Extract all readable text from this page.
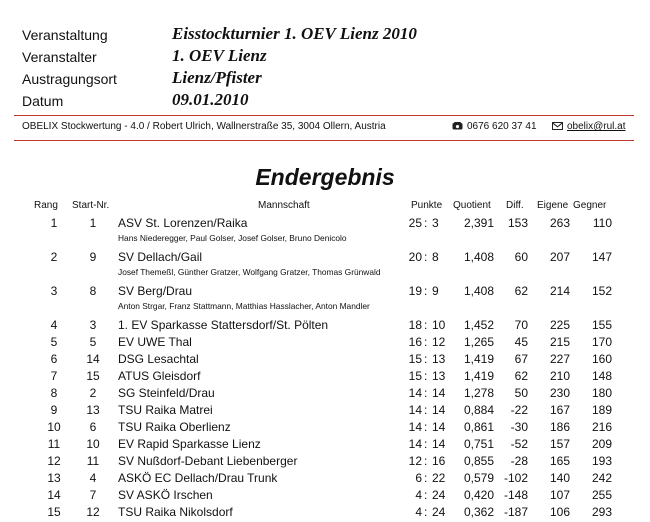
Veranstaltung	Eisstockturnier 1. OEV Lienz 2010
Veranstalter	1. OEV Lienz
Austragungsort	Lienz/Pfister
Datum	09.01.2010
OBELIX Stockwertung - 4.0 / Robert Ulrich, Wallnerstraße 35, 3004 Ollern, Austria	0676 620 37 41	obelix@rul.at
Endergebnis
Rang Start-Nr.	Mannschaft	Punkte Quotient Diff. Eigene Gegner
1	1	ASV St. Lorenzen/Raika	25 : 3	2,391	153	263	110
Hans Niederegger, Paul Golser, Josef Golser, Bruno Denicolo
2	9	SV Dellach/Gail	20 : 8	1,408	60	207	147
Josef Themeßl, Günther Gratzer, Wolfgang Gratzer, Thomas Grünwald
3	8	SV Berg/Drau	19 : 9	1,408	62	214	152
Anton Strgar, Franz Stattmann, Matthias Hasslacher, Anton Mandler
4	3	1. EV Sparkasse Stattersdorf/St. Pölten	18 : 10	1,452	70	225	155
5	5	EV UWE Thal	16 : 12	1,265	45	215	170
6	14	DSG Lesachtal	15 : 13	1,419	67	227	160
7	15	ATUS Gleisdorf	15 : 13	1,419	62	210	148
8	2	SG Steinfeld/Drau	14 : 14	1,278	50	230	180
9	13	TSU Raika Matrei	14 : 14	0,884	-22	167	189
10	6	TSU Raika Oberlienz	14 : 14	0,861	-30	186	216
11	10	EV Rapid Sparkasse Lienz	14 : 14	0,751	-52	157	209
12	11	SV Nußdorf-Debant Liebenberger	12 : 16	0,855	-28	165	193
13	4	ASKÖ EC Dellach/Drau Trunk	6 : 22	0,579 -102	140	242
14	7	SV ASKÖ Irschen	4 : 24	0,420 -148	107	255
15	12	TSU Raika Nikolsdorf	4 : 24	0,362 -187	106	293
